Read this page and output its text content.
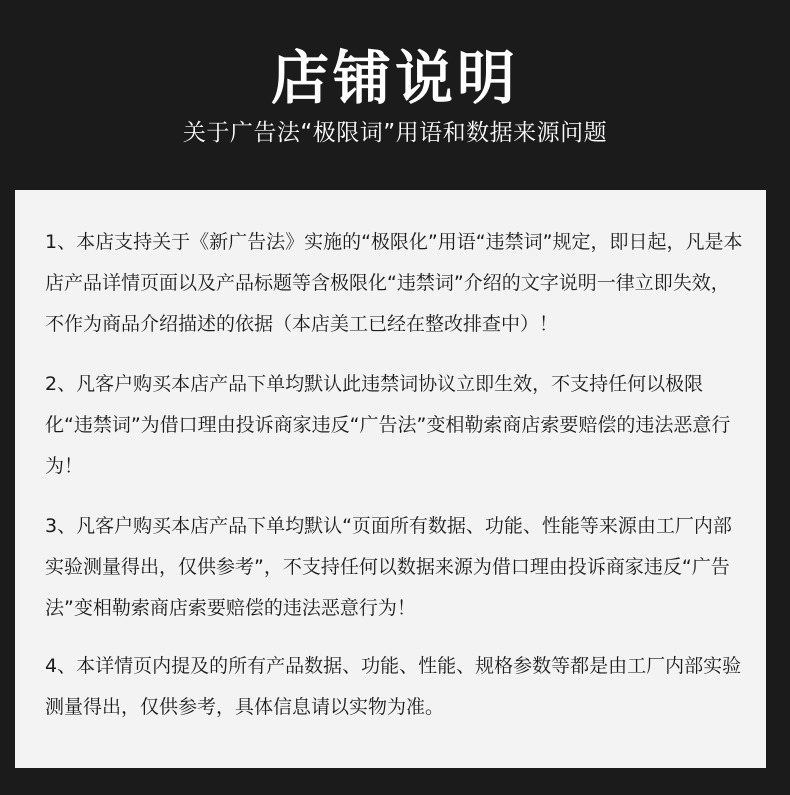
店铺说明
关于广告法“极限词”用语和数据来源问题

1、本店支持关于《新广告法》实施的“极限化”用语“违禁词”规定，即日起，凡是本店产品详情页面以及产品标题等含极限化“违禁词”介绍的文字说明一律立即失效，不作为商品介绍描述的依据（本店美工已经在整改排查中）！

2、凡客户购买本店产品下单均默认此违禁词协议立即生效，不支持任何以极限化“违禁词”为借口理由投诉商家违反“广告法”变相勒索商店索要赔偿的违法恶意行为！

3、凡客户购买本店产品下单均默认“页面所有数据、功能、性能等来源由工厂内部实验测量得出，仅供参考”，不支持任何以数据来源为借口理由投诉商家违反“广告法”变相勒索商店索要赔偿的违法恶意行为！

4、本详情页内提及的所有产品数据、功能、性能、规格参数等都是由工厂内部实验测量得出，仅供参考，具体信息请以实物为准。
